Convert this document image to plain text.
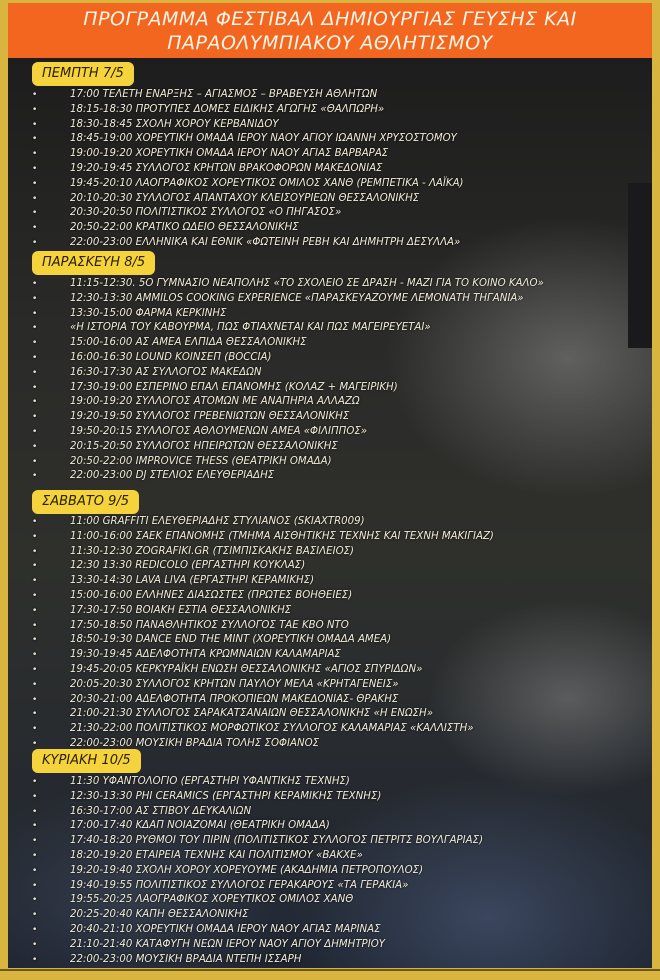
ΠΡΟΓΡΑΜΜΑ ΦΕΣΤΙΒΑΛ ΔΗΜΙΟΥΡΓΙΑΣ ΓΕΥΣΗΣ ΚΑΙ
ΠΑΡΑΟΛΥΜΠΙΑΚΟΥ ΑΘΛΗΤΙΣΜΟΥ
ΠΕΜΠΤΗ 7/5
•	17:00 ΤΕΛΕΤΗ ΕΝΑΡΞΗΣ – ΑΓΙΑΣΜΟΣ – ΒΡΑΒΕΥΣΗ ΑΘΛΗΤΩΝ
•	18:15-18:30 ΠΡΟΤΥΠΕΣ ΔΟΜΕΣ ΕΙΔΙΚΗΣ ΑΓΩΓΗΣ «ΘΑΛΠΩΡΗ»
•	18:30-18:45 ΣΧΟΛΗ ΧΟΡΟΥ ΚΕΡΒΑΝΙΔΟΥ
•	18:45-19:00 ΧΟΡΕΥΤΙΚΗ ΟΜΑΔΑ ΙΕΡΟΥ ΝΑΟΥ ΑΓΙΟΥ ΙΩΑΝΝΗ ΧΡΥΣΟΣΤΟΜΟΥ
•	19:00-19:20 ΧΟΡΕΥΤΙΚΗ ΟΜΑΔΑ ΙΕΡΟΥ ΝΑΟΥ ΑΓΙΑΣ ΒΑΡΒΑΡΑΣ
•	19:20-19:45 ΣΥΛΛΟΓΟΣ ΚΡΗΤΩΝ ΒΡΑΚΟΦΟΡΩΝ ΜΑΚΕΔΟΝΙΑΣ
•	19:45-20:10 ΛΑΟΓΡΑΦΙΚΟΣ ΧΟΡΕΥΤΙΚΟΣ ΟΜΙΛΟΣ ΧΑΝΘ (ΡΕΜΠΕΤΙΚΑ - ΛΑΪΚΑ)
•	20:10-20:30 ΣΥΛΛΟΓΟΣ ΑΠΑΝΤΑΧΟΥ ΚΛΕΙΣΟΥΡΙΕΩΝ ΘΕΣΣΑΛΟΝΙΚΗΣ
•	20:30-20:50 ΠΟΛΙΤΙΣΤΙΚΟΣ ΣΥΛΛΟΓΟΣ «Ο ΠΗΓΑΣΟΣ»
•	20:50-22:00 ΚΡΑΤΙΚΟ ΩΔΕΙΟ ΘΕΣΣΑΛΟΝΙΚΗΣ
•	22:00-23:00 ΕΛΛΗΝΙΚΑ ΚΑΙ ΕΘΝΙΚ «ΦΩΤΕΙΝΗ ΡΕΒΗ ΚΑΙ ΔΗΜΗΤΡΗ ΔΕΣΥΛΛΑ»
ΠΑΡΑΣΚΕΥΗ 8/5
•	11:15-12:30. 5Ο ΓΥΜΝΑΣΙΟ ΝΕΑΠΟΛΗΣ «ΤΟ ΣΧΟΛΕΙΟ ΣΕ ΔΡΑΣΗ - ΜΑΖΙ ΓΙΑ ΤΟ ΚΟΙΝΟ ΚΑΛΟ»
•	12:30-13:30 AMMILOS COOKING EXPERIENCE «ΠΑΡΑΣΚΕΥΑΖΟΥΜΕ ΛΕΜΟΝΑΤΗ ΤΗΓΑΝΙΑ»
•	13:30-15:00 ΦΑΡΜΑ ΚΕΡΚΙΝΗΣ
•	«Η ΙΣΤΟΡΙΑ ΤΟΥ ΚΑΒΟΥΡΜΑ, ΠΩΣ ΦΤΙΑΧΝΕΤΑΙ ΚΑΙ ΠΩΣ ΜΑΓΕΙΡΕΥΕΤΑΙ»
•	15:00-16:00 ΑΣ ΑΜΕΑ ΕΛΠΙΔΑ ΘΕΣΣΑΛΟΝΙΚΗΣ
•	16:00-16:30 LOUND ΚΟΙΝΣΕΠ (BOCCIA)
•	16:30-17:30 ΑΣ ΣΥΛΛΟΓΟΣ ΜΑΚΕΔΩΝ
•	17:30-19:00 ΕΣΠΕΡΙΝΟ ΕΠΑΛ ΕΠΑΝΟΜΗΣ (ΚΟΛΑΖ + ΜΑΓΕΙΡΙΚΗ)
•	19:00-19:20 ΣΥΛΛΟΓΟΣ ΑΤΟΜΩΝ ΜΕ ΑΝΑΠΗΡΙΑ ΑΛΛΑΖΩ
•	19:20-19:50 ΣΥΛΛΟΓΟΣ ΓΡΕΒΕΝΙΩΤΩΝ ΘΕΣΣΑΛΟΝΙΚΗΣ
•	19:50-20:15 ΣΥΛΛΟΓΟΣ ΑΘΛΟΥΜΕΝΩΝ ΑΜΕΑ «ΦΙΛΙΠΠΟΣ»
•	20:15-20:50 ΣΥΛΛΟΓΟΣ ΗΠΕΙΡΩΤΩΝ ΘΕΣΣΑΛΟΝΙΚΗΣ
•	20:50-22:00 IMPROVICE THESS (ΘΕΑΤΡΙΚΗ ΟΜΑΔΑ)
•	22:00-23:00 DJ ΣΤΕΛΙΟΣ ΕΛΕΥΘΕΡΙΑΔΗΣ
ΣΑΒΒΑΤΟ 9/5
•	11:00 GRAFFITI ΕΛΕΥΘΕΡΙΑΔΗΣ ΣΤΥΛΙΑΝΟΣ (SKIAXTR009)
•	11:00-16:00 ΣΑΕΚ ΕΠΑΝΟΜΗΣ (ΤΜΗΜΑ ΑΙΣΘΗΤΙΚΗΣ ΤΕΧΝΗΣ ΚΑΙ ΤΕΧΝΗ ΜΑΚΙΓΙΑΖ)
•	11:30-12:30 ZOGRAFIKI.GR (ΤΣΙΜΠΙΣΚΑΚΗΣ ΒΑΣΙΛΕΙΟΣ)
•	12:30 13:30 REDICOLO (ΕΡΓΑΣΤΗΡΙ ΚΟΥΚΛΑΣ)
•	13:30-14:30 LAVA LIVA (ΕΡΓΑΣΤΗΡΙ ΚΕΡΑΜΙΚΗΣ)
•	15:00-16:00 ΕΛΛΗΝΕΣ ΔΙΑΣΩΣΤΕΣ (ΠΡΩΤΕΣ ΒΟΗΘΕΙΕΣ)
•	17:30-17:50 ΒΟΙΑΚΗ ΕΣΤΙΑ ΘΕΣΣΑΛΟΝΙΚΗΣ
•	17:50-18:50 ΠΑΝΑΘΛΗΤΙΚΟΣ ΣΥΛΛΟΓΟΣ ΤΑΕ ΚΒΟ ΝΤΟ
•	18:50-19:30 DANCE END THE MINT (ΧΟΡΕΥΤΙΚΗ ΟΜΑΔΑ ΑΜΕΑ)
•	19:30-19:45 ΑΔΕΛΦΟΤΗΤΑ ΚΡΩΜΝΑΙΩΝ ΚΑΛΑΜΑΡΙΑΣ
•	19:45-20:05 ΚΕΡΚΥΡΑΪΚΗ ΕΝΩΣΗ ΘΕΣΣΑΛΟΝΙΚΗΣ «ΑΓΙΟΣ ΣΠΥΡΙΔΩΝ»
•	20:05-20:30 ΣΥΛΛΟΓΟΣ ΚΡΗΤΩΝ ΠΑΥΛΟΥ ΜΕΛΑ «ΚΡΗΤΑΓΕΝΕΙΣ»
•	20:30-21:00 ΑΔΕΛΦΟΤΗΤΑ ΠΡΟΚΟΠΙΕΩΝ ΜΑΚΕΔΟΝΙΑΣ- ΘΡΑΚΗΣ
•	21:00-21:30 ΣΥΛΛΟΓΟΣ ΣΑΡΑΚΑΤΣΑΝΑΙΩΝ ΘΕΣΣΑΛΟΝΙΚΗΣ «Η ΕΝΩΣΗ»
•	21:30-22:00 ΠΟΛΙΤΙΣΤΙΚΟΣ ΜΟΡΦΩΤΙΚΟΣ ΣΥΛΛΟΓΟΣ ΚΑΛΑΜΑΡΙΑΣ «ΚΑΛΛΙΣΤΗ»
•	22:00-23:00 ΜΟΥΣΙΚΗ ΒΡΑΔΙΑ ΤΟΛΗΣ ΣΟΦΙΑΝΟΣ
ΚΥΡΙΑΚΗ 10/5
•	11:30 ΥΦΑΝΤΟΛΟΓΙΟ (ΕΡΓΑΣΤΗΡΙ ΥΦΑΝΤΙΚΗΣ ΤΕΧΝΗΣ)
•	12:30-13:30 PHI CERAMICS (ΕΡΓΑΣΤΗΡΙ ΚΕΡΑΜΙΚΗΣ ΤΕΧΝΗΣ)
•	16:30-17:00 ΑΣ ΣΤΙΒΟΥ ΔΕΥΚΑΛΙΩΝ
•	17:00-17:40 ΚΔΑΠ ΝΟΙΑΖΟΜΑΙ (ΘΕΑΤΡΙΚΗ ΟΜΑΔΑ)
•	17:40-18:20 ΡΥΘΜΟΙ ΤΟΥ ΠΙΡΙΝ (ΠΟΛΙΤΙΣΤΙΚΟΣ ΣΥΛΛΟΓΟΣ ΠΕΤΡΙΤΣ ΒΟΥΛΓΑΡΙΑΣ)
•	18:20-19:20 ΕΤΑΙΡΕΙΑ ΤΕΧΝΗΣ ΚΑΙ ΠΟΛΙΤΙΣΜΟΥ «ΒΑΚΧΕ»
•	19:20-19:40 ΣΧΟΛΗ ΧΟΡΟΥ ΧΟΡΕΥΟΥΜΕ (ΑΚΑΔΗΜΙΑ ΠΕΤΡΟΠΟΥΛΟΣ)
•	19:40-19:55 ΠΟΛΙΤΙΣΤΙΚΟΣ ΣΥΛΛΟΓΟΣ ΓΕΡΑΚΑΡΟΥΣ «ΤΑ ΓΕΡΑΚΙΑ»
•	19:55-20:25 ΛΑΟΓΡΑΦΙΚΟΣ ΧΟΡΕΥΤΙΚΟΣ ΟΜΙΛΟΣ ΧΑΝΘ
•	20:25-20:40 ΚΑΠΗ ΘΕΣΣΑΛΟΝΙΚΗΣ
•	20:40-21:10 ΧΟΡΕΥΤΙΚΗ ΟΜΑΔΑ ΙΕΡΟΥ ΝΑΟΥ ΑΓΙΑΣ ΜΑΡΙΝΑΣ
•	21:10-21:40 ΚΑΤΑΦΥΓΗ ΝΕΩΝ ΙΕΡΟΥ ΝΑΟΥ ΑΓΙΟΥ ΔΗΜΗΤΡΙΟΥ
•	22:00-23:00 ΜΟΥΣΙΚΗ ΒΡΑΔΙΑ ΝΤΕΠΗ ΙΣΣΑΡΗ
